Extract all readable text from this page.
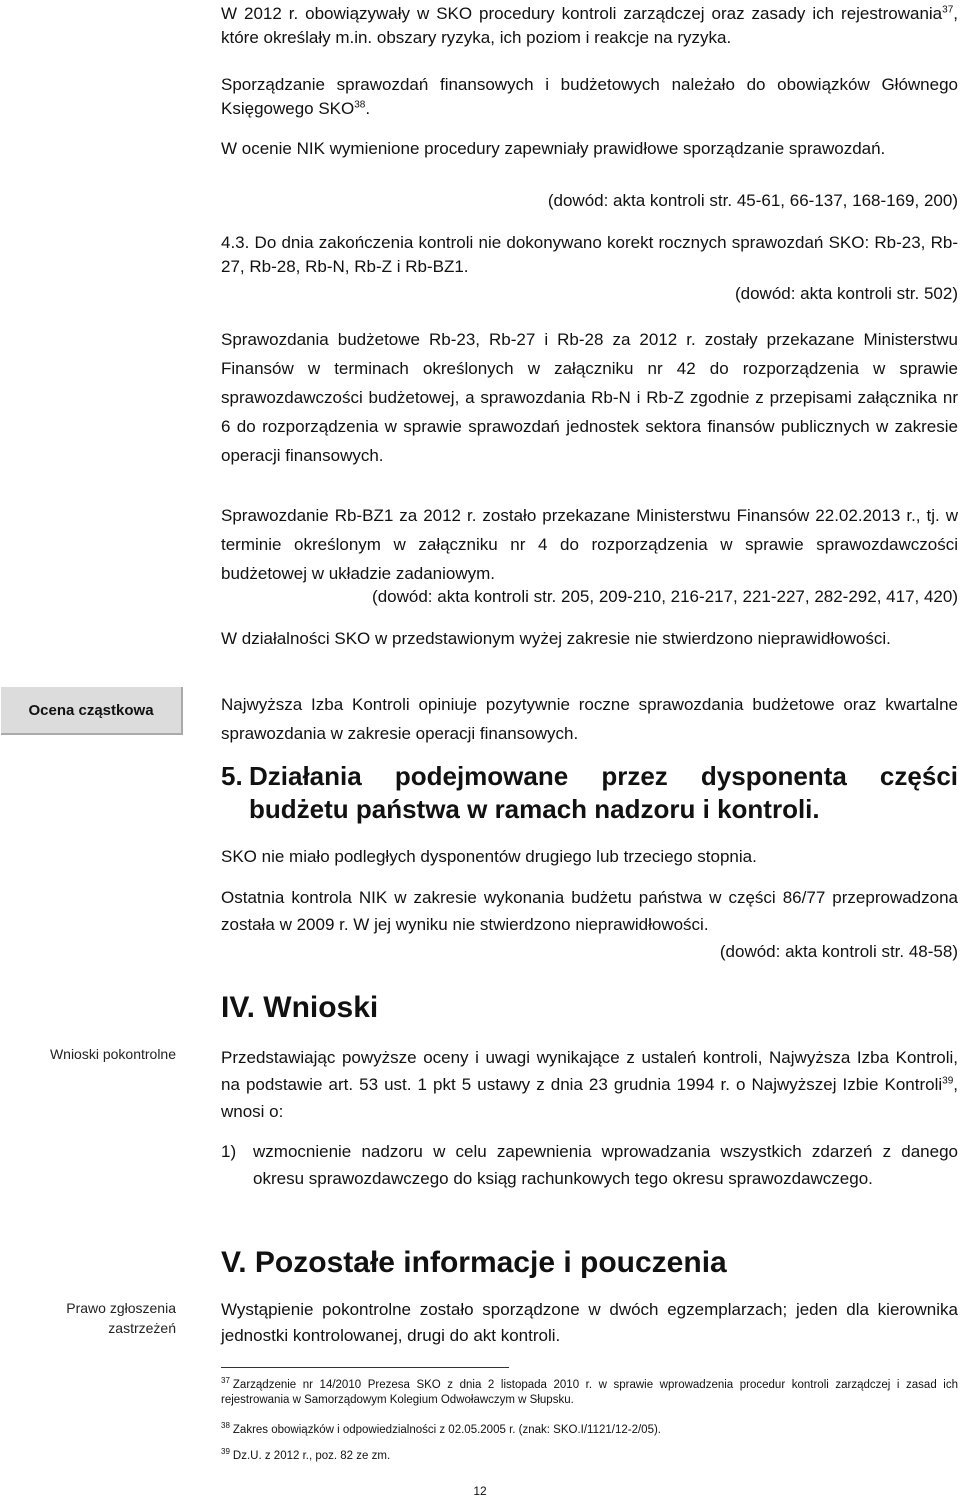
Ocena cząstkowa
Wnioski pokontrolne
Prawo zgłoszenia zastrzeżeń

W 2012 r. obowiązywały w SKO procedury kontroli zarządczej oraz zasady ich rejestrowania$^{37}$, które określały m.in. obszary ryzyka, ich poziom i reakcje na ryzyka.

Sporządzanie sprawozdań finansowych i budżetowych należało do obowiązków Głównego Księgowego SKO$^{38}$.

W ocenie NIK wymienione procedury zapewniały prawidłowe sporządzanie sprawozdań.

(dowód: akta kontroli str. 45-61, 66-137, 168-169, 200)

4.3. Do dnia zakończenia kontroli nie dokonywano korekt rocznych sprawozdań SKO: Rb-23, Rb-27, Rb-28, Rb-N, Rb-Z i Rb-BZ1.

(dowód: akta kontroli str. 502)

Sprawozdania budżetowe Rb-23, Rb-27 i Rb-28 za 2012 r. zostały przekazane Ministerstwu Finansów w terminach określonych w załączniku nr 42 do rozporządzenia w sprawie sprawozdawczości budżetowej, a sprawozdania Rb-N i Rb-Z zgodnie z przepisami załącznika nr 6 do rozporządzenia w sprawie sprawozdań jednostek sektora finansów publicznych w zakresie operacji finansowych.

Sprawozdanie Rb-BZ1 za 2012 r. zostało przekazane Ministerstwu Finansów 22.02.2013 r., tj. w terminie określonym w załączniku nr 4 do rozporządzenia w sprawie sprawozdawczości budżetowej w układzie zadaniowym.

(dowód: akta kontroli str. 205, 209-210, 216-217, 221-227, 282-292, 417, 420)

W działalności SKO w przedstawionym wyżej zakresie nie stwierdzono nieprawidłowości.

Najwyższa Izba Kontroli opiniuje pozytywnie roczne sprawozdania budżetowe oraz kwartalne sprawozdania w zakresie operacji finansowych.

5. Działania podejmowane przez dysponenta części budżetu państwa w ramach nadzoru i kontroli.

SKO nie miało podległych dysponentów drugiego lub trzeciego stopnia.

Ostatnia kontrola NIK w zakresie wykonania budżetu państwa w części 86/77 przeprowadzona została w 2009 r. W jej wyniku nie stwierdzono nieprawidłowości.

(dowód: akta kontroli str. 48-58)

IV. Wnioski

Przedstawiając powyższe oceny i uwagi wynikające z ustaleń kontroli, Najwyższa Izba Kontroli, na podstawie art. 53 ust. 1 pkt 5 ustawy z dnia 23 grudnia 1994 r. o Najwyższej Izbie Kontroli$^{39}$, wnosi o:

1) wzmocnienie nadzoru w celu zapewnienia wprowadzania wszystkich zdarzeń z danego okresu sprawozdawczego do ksiąg rachunkowych tego okresu sprawozdawczego.
V. Pozostałe informacje i pouczenia

Wystąpienie pokontrolne zostało sporządzone w dwóch egzemplarzach; jeden dla kierownika jednostki kontrolowanej, drugi do akt kontroli.

$^{37}$ Zarządzenie nr 14/2010 Prezesa SKO z dnia 2 listopada 2010 r. w sprawie wprowadzenia procedur kontroli zarządczej i zasad ich rejestrowania w Samorządowym Kolegium Odwoławczym w Słupsku.

$^{38}$ Zakres obowiązków i odpowiedzialności z 02.05.2005 r. (znak: SKO.I/1121/12-2/05).

$^{39}$ Dz.U. z 2012 r., poz. 82 ze zm.

12
